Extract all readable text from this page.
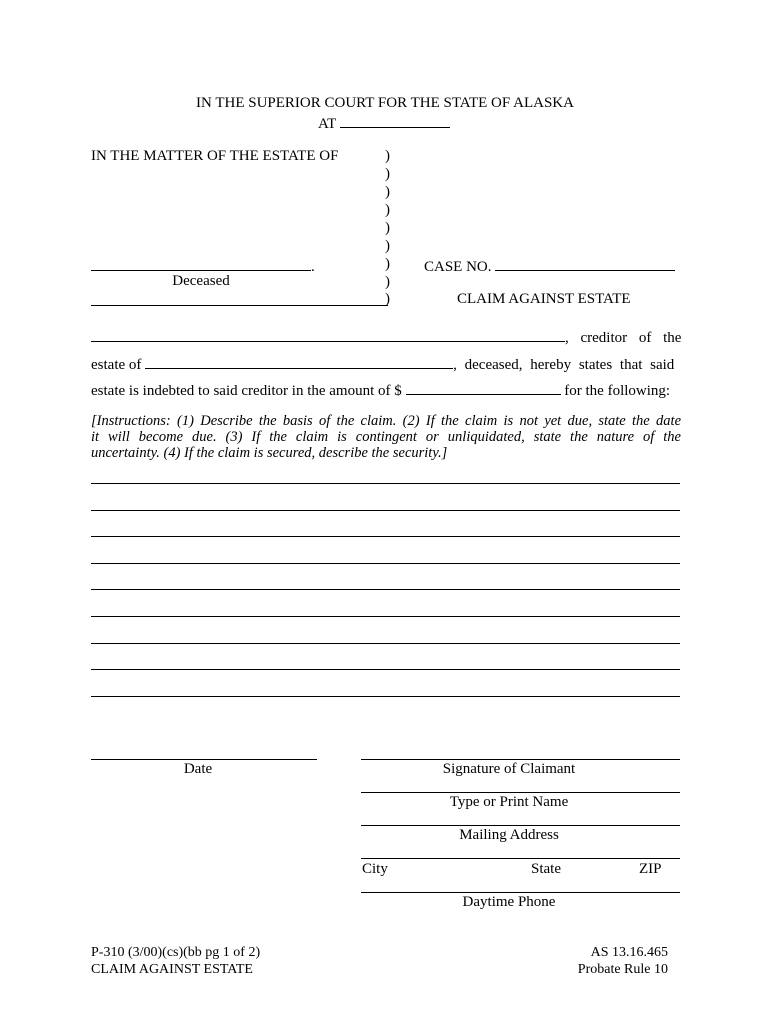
IN THE SUPERIOR COURT FOR THE STATE OF ALASKA
AT
IN THE MATTER OF THE ESTATE OF	)
)
)
)
)
)
)
)
)
.
Deceased
CASE NO.
CLAIM AGAINST ESTATE
, creditor of the
estate of	, deceased, hereby states that said
estate is indebted to said creditor in the amount of $	for the following:
[Instructions: (1) Describe the basis of the claim. (2) If the claim is not yet due, state the date
it will become due. (3) If the claim is contingent or unliquidated, state the nature of the
uncertainty. (4) If the claim is secured, describe the security.]
Date	Signature of Claimant
Type or Print Name
Mailing Address
City	State	ZIP
Daytime Phone
P-310 (3/00)(cs)(bb pg 1 of 2)
CLAIM AGAINST ESTATE
AS 13.16.465
Probate Rule 10
